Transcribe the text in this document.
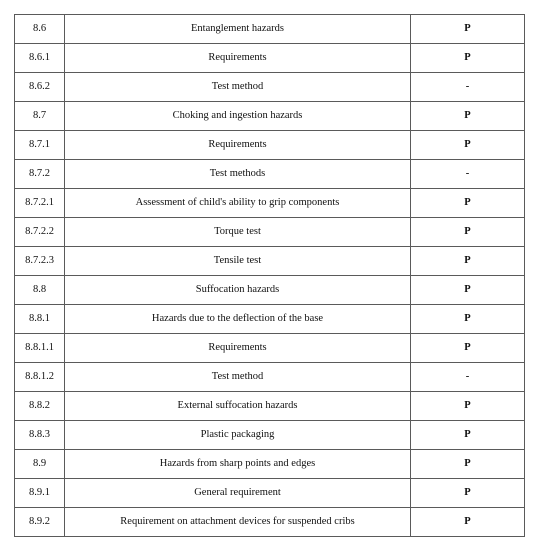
8.6	Entanglement hazards	P
8.6.1	Requirements	P
8.6.2	Test method	-
8.7	Choking and ingestion hazards	P
8.7.1	Requirements	P
8.7.2	Test methods	-
8.7.2.1	Assessment of child's ability to grip components	P
8.7.2.2	Torque test	P
8.7.2.3	Tensile test	P
8.8	Suffocation hazards	P
8.8.1	Hazards due to the deflection of the base	P
8.8.1.1	Requirements	P
8.8.1.2	Test method	-
8.8.2	External suffocation hazards	P
8.8.3	Plastic packaging	P
8.9	Hazards from sharp points and edges	P
8.9.1	General requirement	P
8.9.2	Requirement on attachment devices for suspended cribs	P
